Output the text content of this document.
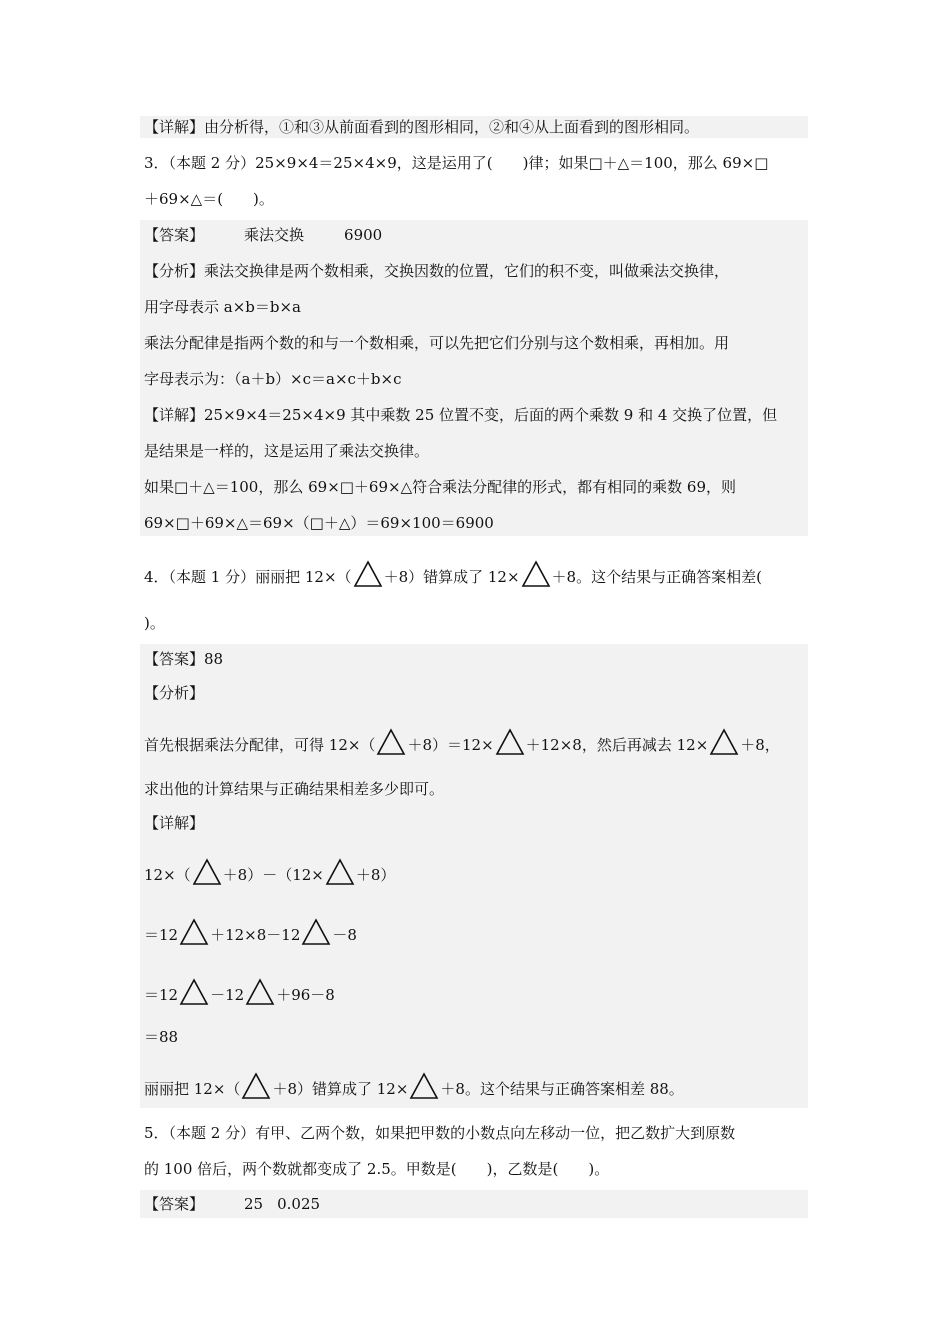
【详解】由分析得，①和③从前面看到的图形相同，②和④从上面看到的图形相同。
3．（本题 2 分）25×9×4＝25×4×9，这是运用了(　　)律；如果□＋△＝100，那么 69×□
＋69×△＝(　　)。
【答案】	乘法交换	6900
【分析】乘法交换律是两个数相乘，交换因数的位置，它们的积不变，叫做乘法交换律，
用字母表示 a×b＝b×a
乘法分配律是指两个数的和与一个数相乘，可以先把它们分别与这个数相乘，再相加。用
字母表示为：（a＋b）×c＝a×c＋b×c
【详解】25×9×4＝25×4×9 其中乘数 25 位置不变，后面的两个乘数 9 和 4 交换了位置，但
是结果是一样的，这是运用了乘法交换律。
如果□＋△＝100，那么 69×□＋69×△符合乘法分配律的形式，都有相同的乘数 69，则
69×□＋69×△＝69×（□＋△）＝69×100＝6900
4．（本题 1 分）丽丽把 12×（ ＋8）错算成了 12× ＋8。这个结果与正确答案相差(
)。
【答案】88
【分析】
首先根据乘法分配律，可得 12×（ ＋8）＝12× ＋12×8，然后再减去 12× ＋8，
求出他的计算结果与正确结果相差多少即可。
【详解】
12×（ ＋8）－（12× ＋8）
＝12 ＋12×8－12 －8
＝12 －12 ＋96－8
＝88
丽丽把 12×（ ＋8）错算成了 12× ＋8。这个结果与正确答案相差 88。
5．（本题 2 分）有甲、乙两个数，如果把甲数的小数点向左移动一位，把乙数扩大到原数
的 100 倍后，两个数就都变成了 2.5。甲数是(　　)，乙数是(　　)。
【答案】	25 0.025
